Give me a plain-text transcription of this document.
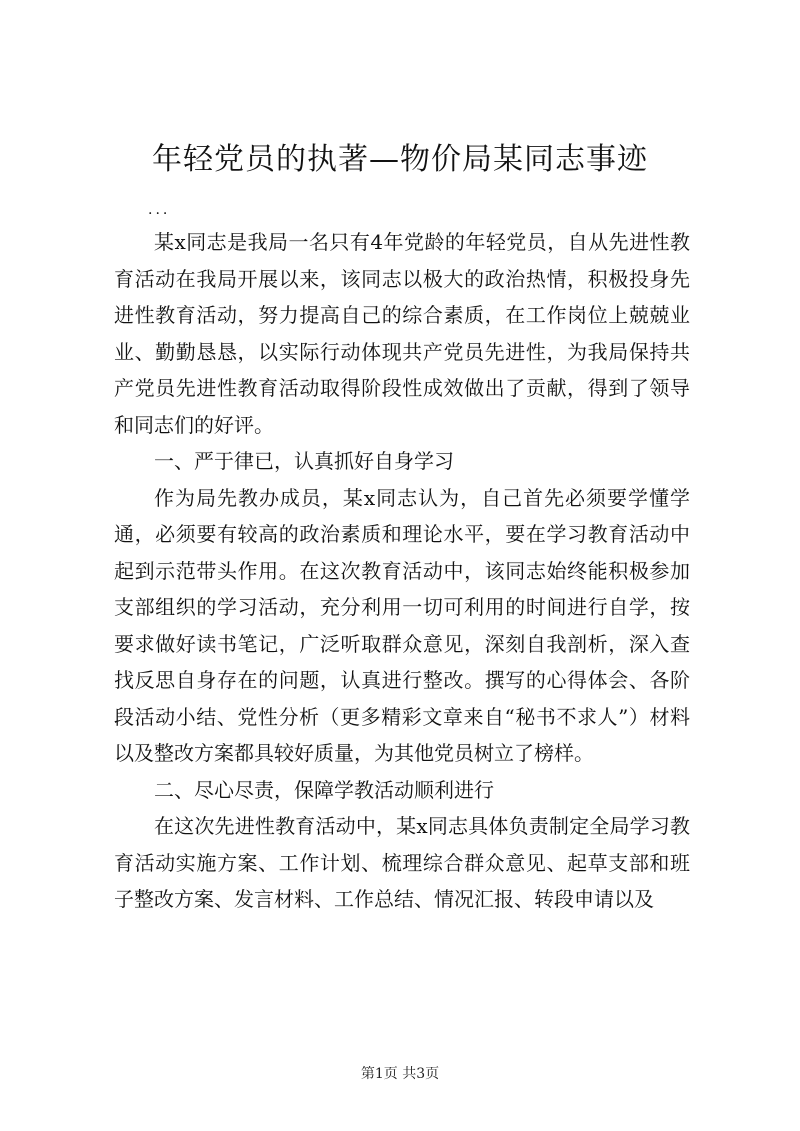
年轻党员的执著—物价局某同志事迹
...

某x同志是我局一名只有4年党龄的年轻党员，自从先进性教育活动在我局开展以来，该同志以极大的政治热情，积极投身先进性教育活动，努力提高自己的综合素质，在工作岗位上兢兢业业、勤勤恳恳，以实际行动体现共产党员先进性，为我局保持共产党员先进性教育活动取得阶段性成效做出了贡献，得到了领导和同志们的好评。

一、严于律已，认真抓好自身学习

作为局先教办成员，某x同志认为，自己首先必须要学懂学通，必须要有较高的政治素质和理论水平，要在学习教育活动中起到示范带头作用。在这次教育活动中，该同志始终能积极参加支部组织的学习活动，充分利用一切可利用的时间进行自学，按要求做好读书笔记，广泛听取群众意见，深刻自我剖析，深入查找反思自身存在的问题，认真进行整改。撰写的心得体会、各阶段活动小结、党性分析（更多精彩文章来自“秘书不求人”）材料以及整改方案都具较好质量，为其他党员树立了榜样。

二、尽心尽责，保障学教活动顺利进行

在这次先进性教育活动中，某x同志具体负责制定全局学习教育活动实施方案、工作计划、梳理综合群众意见、起草支部和班子整改方案、发言材料、工作总结、情况汇报、转段申请以及

第1页 共3页
